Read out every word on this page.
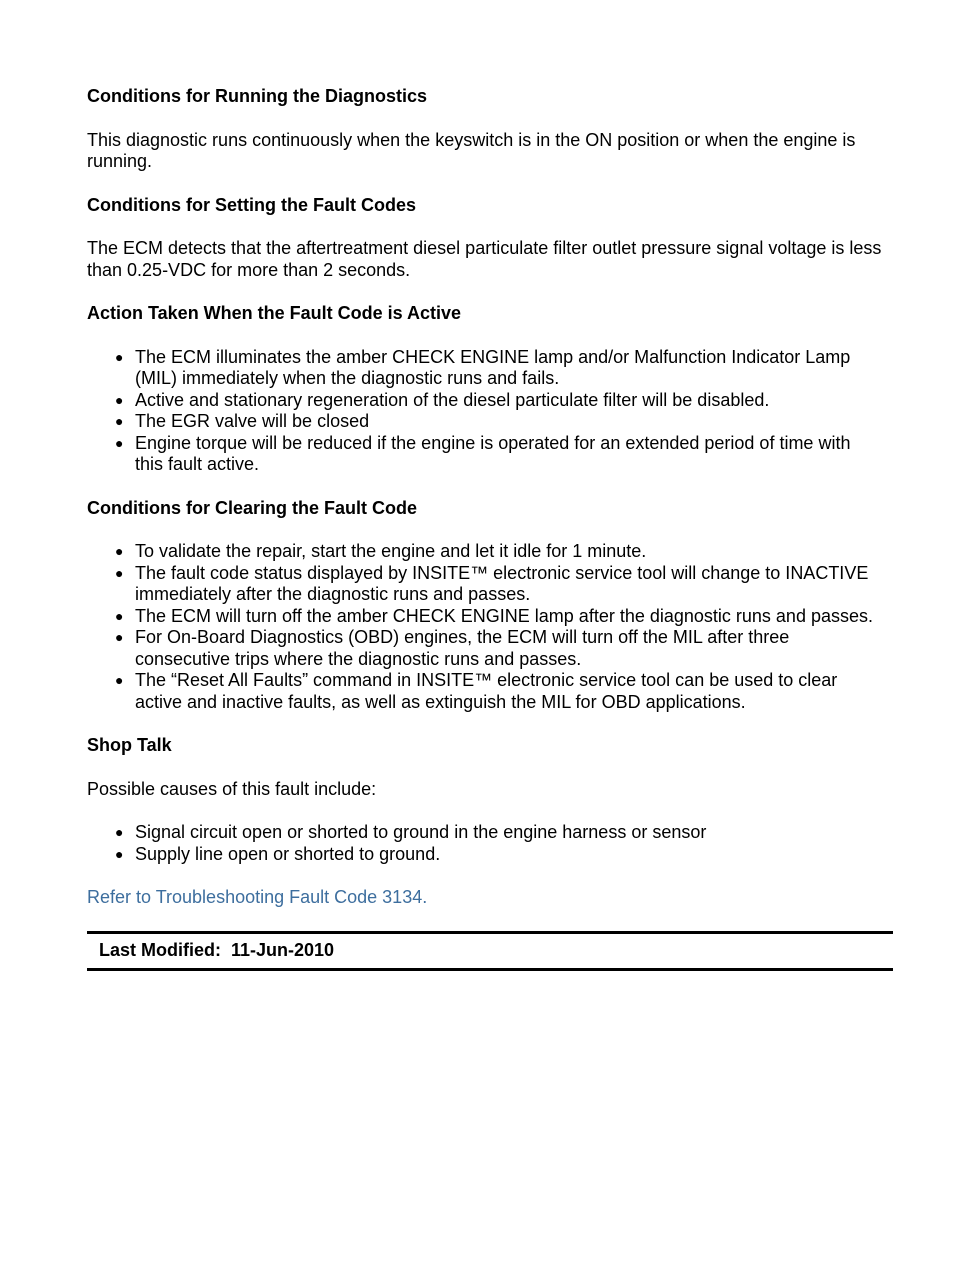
Conditions for Running the Diagnostics

This diagnostic runs continuously when the keyswitch is in the ON position or when the engine is running.

Conditions for Setting the Fault Codes

The ECM detects that the aftertreatment diesel particulate filter outlet pressure signal voltage is less than 0.25-VDC for more than 2 seconds.

Action Taken When the Fault Code is Active
● The ECM illuminates the amber CHECK ENGINE lamp and/or Malfunction Indicator Lamp (MIL) immediately when the diagnostic runs and fails.
● Active and stationary regeneration of the diesel particulate filter will be disabled.
● The EGR valve will be closed
● Engine torque will be reduced if the engine is operated for an extended period of time with this fault active.
Conditions for Clearing the Fault Code
● To validate the repair, start the engine and let it idle for 1 minute.
● The fault code status displayed by INSITE™ electronic service tool will change to INACTIVE immediately after the diagnostic runs and passes.
● The ECM will turn off the amber CHECK ENGINE lamp after the diagnostic runs and passes.
● For On-Board Diagnostics (OBD) engines, the ECM will turn off the MIL after three consecutive trips where the diagnostic runs and passes.
● The “Reset All Faults” command in INSITE™ electronic service tool can be used to clear active and inactive faults, as well as extinguish the MIL for OBD applications.
Shop Talk

Possible causes of this fault include:

● Signal circuit open or shorted to ground in the engine harness or sensor
● Supply line open or shorted to ground.

Refer to Troubleshooting Fault Code 3134.

Last Modified:  11-Jun-2010
